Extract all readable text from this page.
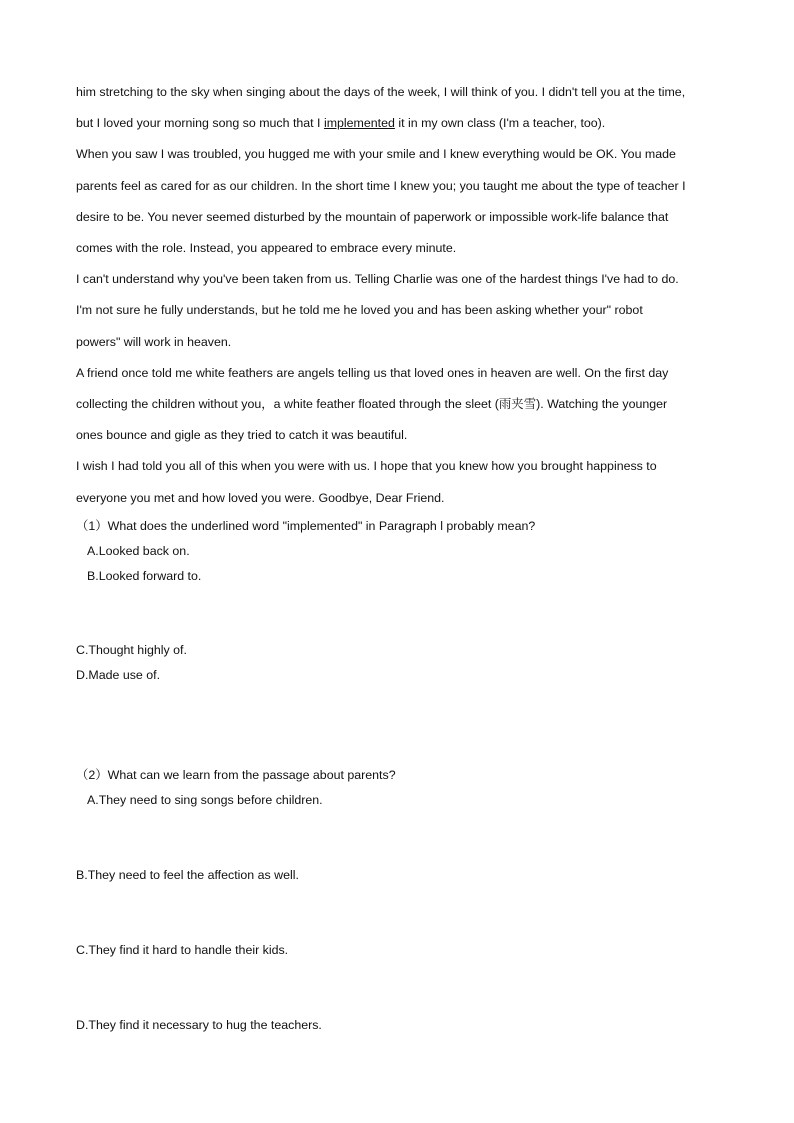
him stretching to the sky when singing about the days of the week, I will think of you. I didn't tell you at the time,
but I loved your morning song so much that I implemented it in my own class (I'm a teacher, too).
When you saw I was troubled, you hugged me with your smile and I knew everything would be OK. You made
parents feel as cared for as our children. In the short time I knew you; you taught me about the type of teacher I
desire to be. You never seemed disturbed by the mountain of paperwork or impossible work-life balance that
comes with the role. Instead, you appeared to embrace every minute.
I can't understand why you've been taken from us. Telling Charlie was one of the hardest things I've had to do.
I'm not sure he fully understands, but he told me he loved you and has been asking whether your" robot
powers" will work in heaven.
A friend once told me white feathers are angels telling us that loved ones in heaven are well. On the first day
collecting the children without you，a white feather floated through the sleet (雨夹雪). Watching the younger
ones bounce and gigle as they tried to catch it was beautiful.
I wish I had told you all of this when you were with us. I hope that you knew how you brought happiness to
everyone you met and how loved you were. Goodbye, Dear Friend.
（1）What does the underlined word "implemented" in Paragraph l probably mean?
A.Looked back on.
B.Looked forward to.
C.Thought highly of.
D.Made use of.
（2）What can we learn from the passage about parents?
A.They need to sing songs before children.
B.They need to feel the affection as well.
C.They find it hard to handle their kids.
D.They find it necessary to hug the teachers.
